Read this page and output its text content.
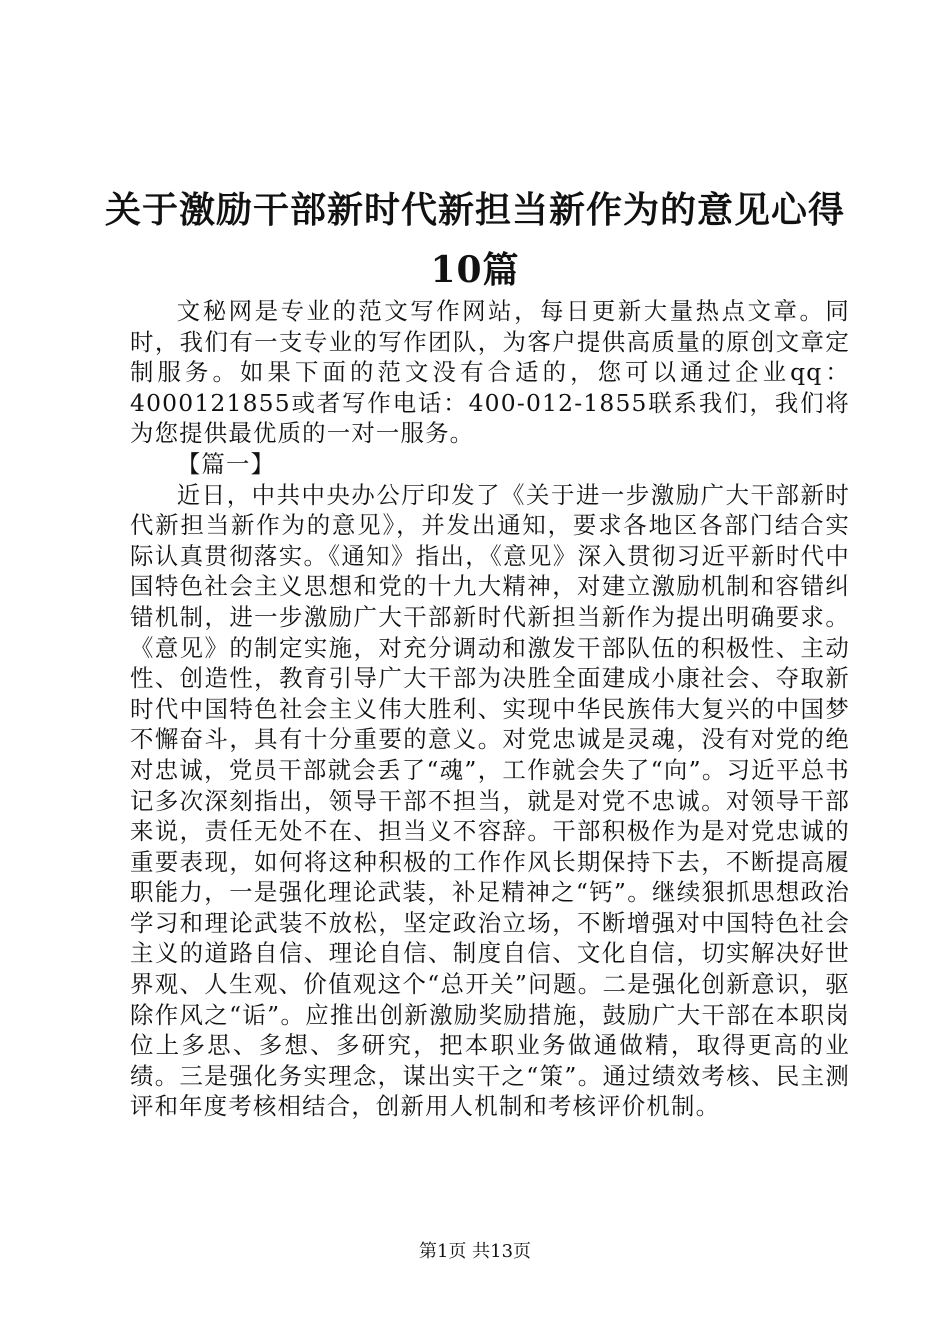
关于激励干部新时代新担当新作为的意见心得
10篇

文秘网是专业的范文写作网站，每日更新大量热点文章。同时，我们有一支专业的写作团队，为客户提供高质量的原创文章定制服务。如果下面的范文没有合适的，您可以通过企业qq：4000121855或者写作电话：400-012-1855联系我们，我们将为您提供最优质的一对一服务。

【篇一】

近日，中共中央办公厅印发了《关于进一步激励广大干部新时代新担当新作为的意见》，并发出通知，要求各地区各部门结合实际认真贯彻落实。《通知》指出，《意见》深入贯彻习近平新时代中国特色社会主义思想和党的十九大精神，对建立激励机制和容错纠错机制，进一步激励广大干部新时代新担当新作为提出明确要求。《意见》的制定实施，对充分调动和激发干部队伍的积极性、主动性、创造性，教育引导广大干部为决胜全面建成小康社会、夺取新时代中国特色社会主义伟大胜利、实现中华民族伟大复兴的中国梦不懈奋斗，具有十分重要的意义。对党忠诚是灵魂，没有对党的绝对忠诚，党员干部就会丢了“魂”，工作就会失了“向”。习近平总书记多次深刻指出，领导干部不担当，就是对党不忠诚。对领导干部来说，责任无处不在、担当义不容辞。干部积极作为是对党忠诚的重要表现，如何将这种积极的工作作风长期保持下去，不断提高履职能力，一是强化理论武装，补足精神之“钙”。继续狠抓思想政治学习和理论武装不放松，坚定政治立场，不断增强对中国特色社会主义的道路自信、理论自信、制度自信、文化自信，切实解决好世界观、人生观、价值观这个“总开关”问题。二是强化创新意识，驱除作风之“诟”。应推出创新激励奖励措施，鼓励广大干部在本职岗位上多思、多想、多研究，把本职业务做通做精，取得更高的业绩。三是强化务实理念，谋出实干之“策”。通过绩效考核、民主测评和年度考核相结合，创新用人机制和考核评价机制。

第1页 共13页
